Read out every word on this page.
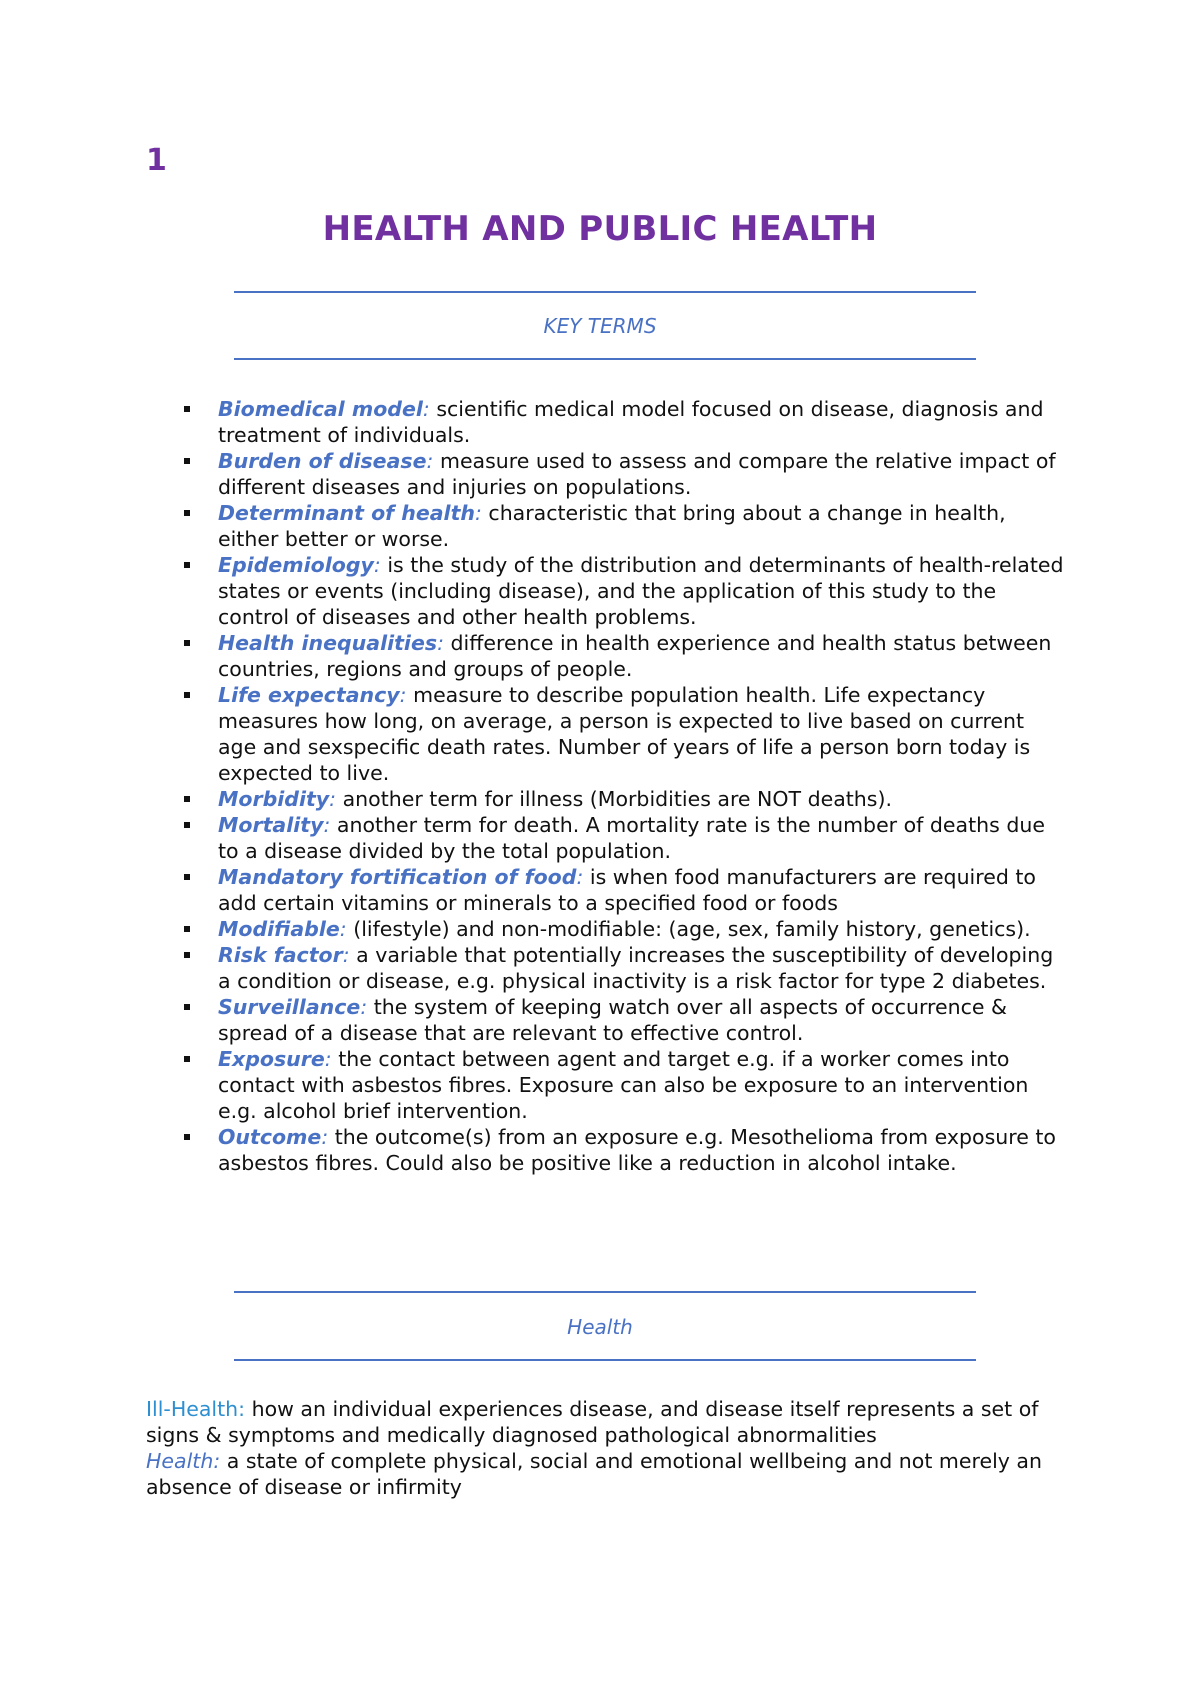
1
HEALTH AND PUBLIC HEALTH
KEY TERMS
Biomedical model: scientific medical model focused on disease, diagnosis and treatment of individuals.
Burden of disease: measure used to assess and compare the relative impact of different diseases and injuries on populations.
Determinant of health: characteristic that bring about a change in health, either better or worse.
Epidemiology: is the study of the distribution and determinants of health-related states or events (including disease), and the application of this study to the control of diseases and other health problems.
Health inequalities: difference in health experience and health status between countries, regions and groups of people.
Life expectancy: measure to describe population health. Life expectancy measures how long, on average, a person is expected to live based on current age and sexspecific death rates. Number of years of life a person born today is expected to live.
Morbidity: another term for illness (Morbidities are NOT deaths).
Mortality: another term for death. A mortality rate is the number of deaths due to a disease divided by the total population.
Mandatory fortification of food: is when food manufacturers are required to add certain vitamins or minerals to a specified food or foods
Modifiable: (lifestyle) and non-modifiable: (age, sex, family history, genetics).
Risk factor: a variable that potentially increases the susceptibility of developing a condition or disease, e.g. physical inactivity is a risk factor for type 2 diabetes.
Surveillance: the system of keeping watch over all aspects of occurrence & spread of a disease that are relevant to effective control.
Exposure: the contact between agent and target e.g. if a worker comes into contact with asbestos fibres. Exposure can also be exposure to an intervention e.g. alcohol brief intervention.
Outcome: the outcome(s) from an exposure e.g. Mesothelioma from exposure to asbestos fibres. Could also be positive like a reduction in alcohol intake.
Health

Ill-Health: how an individual experiences disease, and disease itself represents a set of signs & symptoms and medically diagnosed pathological abnormalities

Health: a state of complete physical, social and emotional wellbeing and not merely an absence of disease or infirmity
